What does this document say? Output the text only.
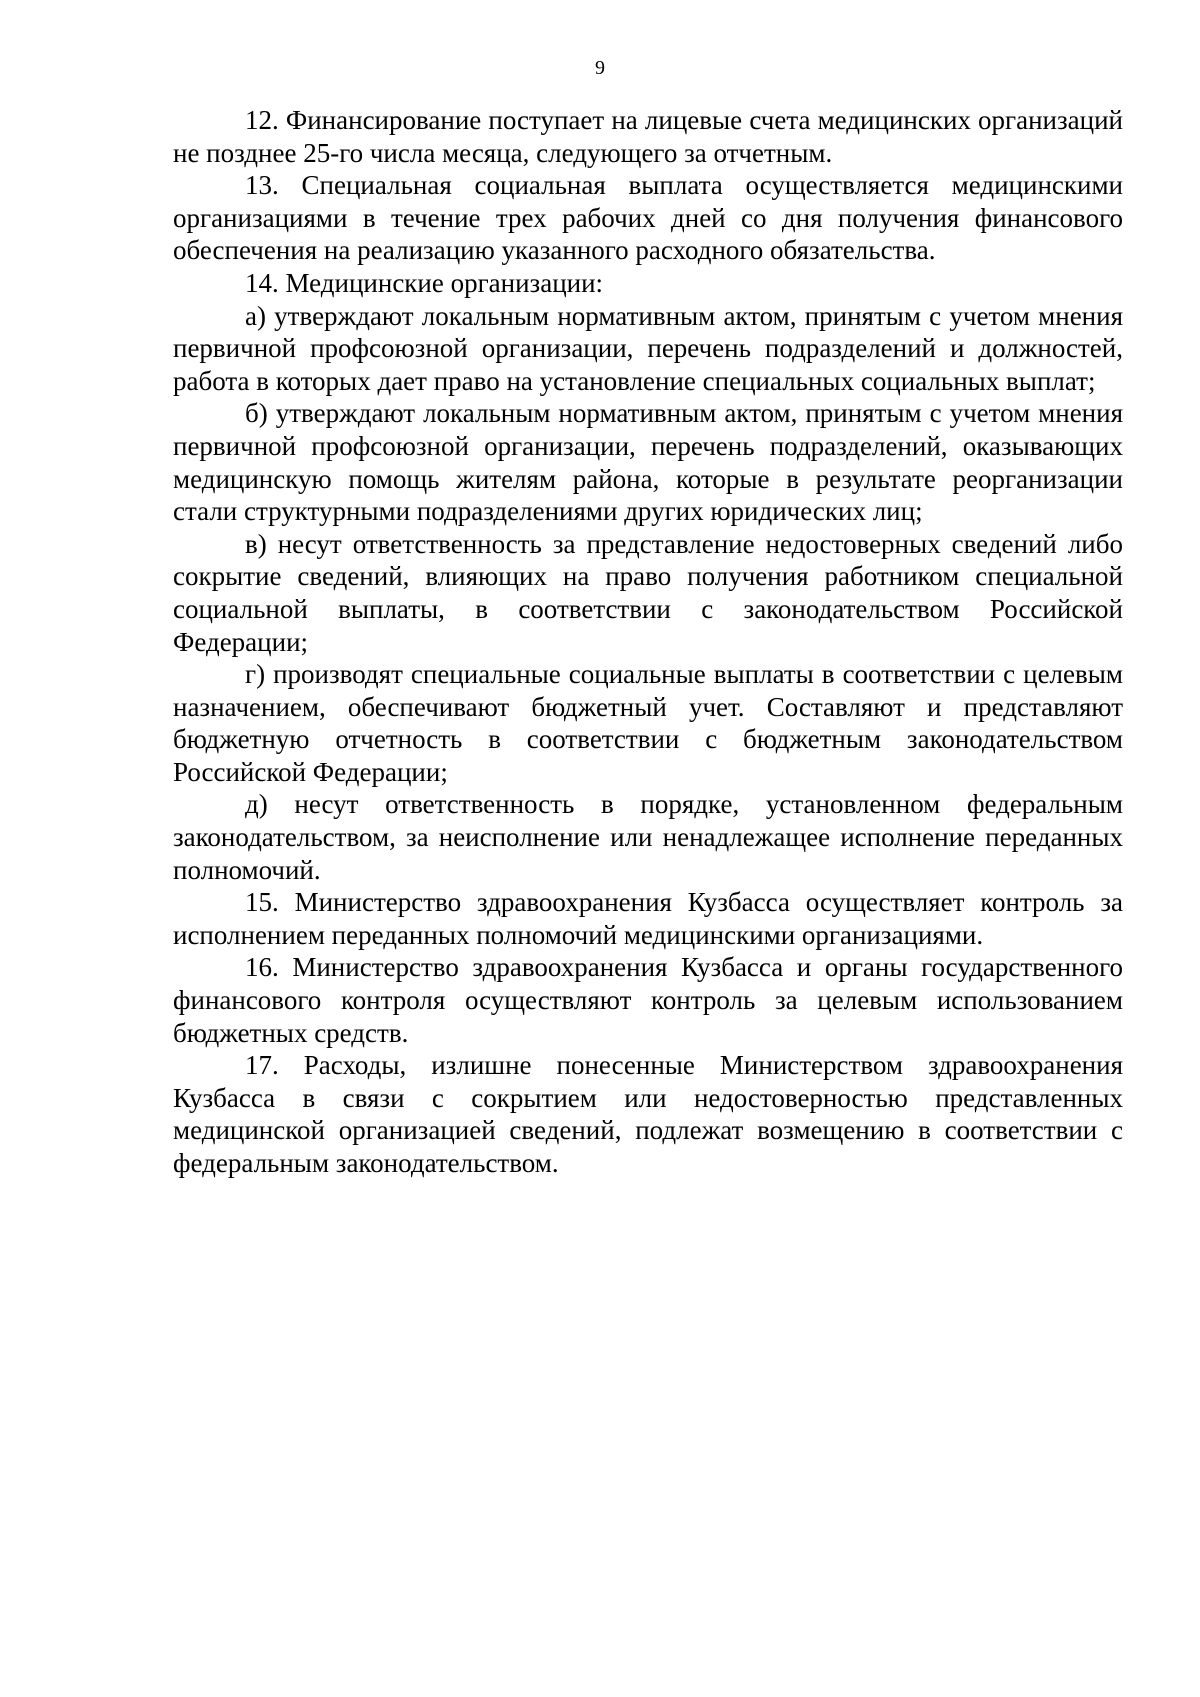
9

12. Финансирование поступает на лицевые счета медицинских организаций не позднее 25-го числа месяца, следующего за отчетным.

13. Специальная социальная выплата осуществляется медицинскими организациями в течение трех рабочих дней со дня получения финансового обеспечения на реализацию указанного расходного обязательства.

14. Медицинские организации:

а) утверждают локальным нормативным актом, принятым с учетом мнения первичной профсоюзной организации, перечень подразделений и должностей, работа в которых дает право на установление специальных социальных выплат;

б) утверждают локальным нормативным актом, принятым с учетом мнения первичной профсоюзной организации, перечень подразделений, оказывающих медицинскую помощь жителям района, которые в результате реорганизации стали структурными подразделениями других юридических лиц;

в) несут ответственность за представление недостоверных сведений либо сокрытие сведений, влияющих на право получения работником специальной социальной выплаты, в соответствии с законодательством Российской Федерации;

г) производят специальные социальные выплаты в соответствии с целевым назначением, обеспечивают бюджетный учет. Составляют и представляют бюджетную отчетность в соответствии с бюджетным законодательством Российской Федерации;

д) несут ответственность в порядке, установленном федеральным законодательством, за неисполнение или ненадлежащее исполнение переданных полномочий.

15. Министерство здравоохранения Кузбасса осуществляет контроль за исполнением переданных полномочий медицинскими организациями.

16. Министерство здравоохранения Кузбасса и органы государственного финансового контроля осуществляют контроль за целевым использованием бюджетных средств.

17. Расходы, излишне понесенные Министерством здравоохранения Кузбасса в связи с сокрытием или недостоверностью представленных медицинской организацией сведений, подлежат возмещению в соответствии с федеральным законодательством.
